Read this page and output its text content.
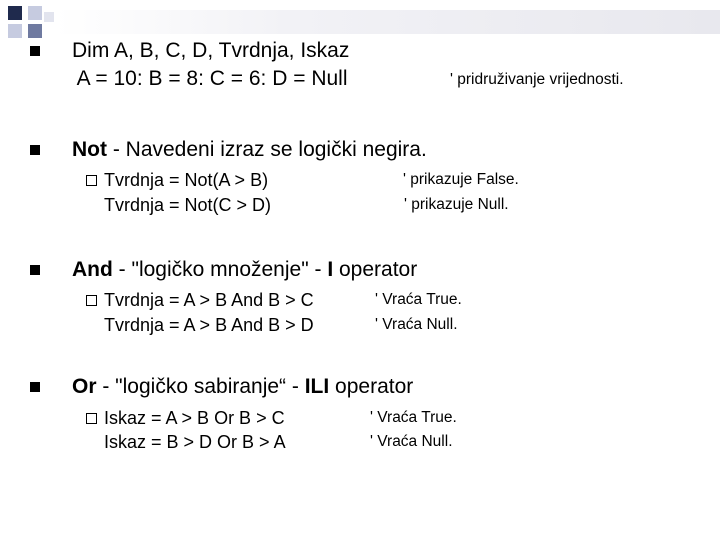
Dim A, B, C, D, Tvrdnja, Iskaz
A = 10: B = 8: C = 6: D = Null	' pridruživanje vrijednosti.
Not - Navedeni izraz se logički negira.
Tvrdnja = Not(A > B)	' prikazuje False.
Tvrdnja = Not(C > D)	' prikazuje Null.
And - "logičko množenje" - I operator
Tvrdnja = A > B And B > C	' Vraća True.
Tvrdnja = A > B And B > D	' Vraća Null.
Or - "logičko sabiranje“ - ILI operator
Iskaz = A > B Or B > C	' Vraća True.
Iskaz = B > D Or B > A	' Vraća Null.
